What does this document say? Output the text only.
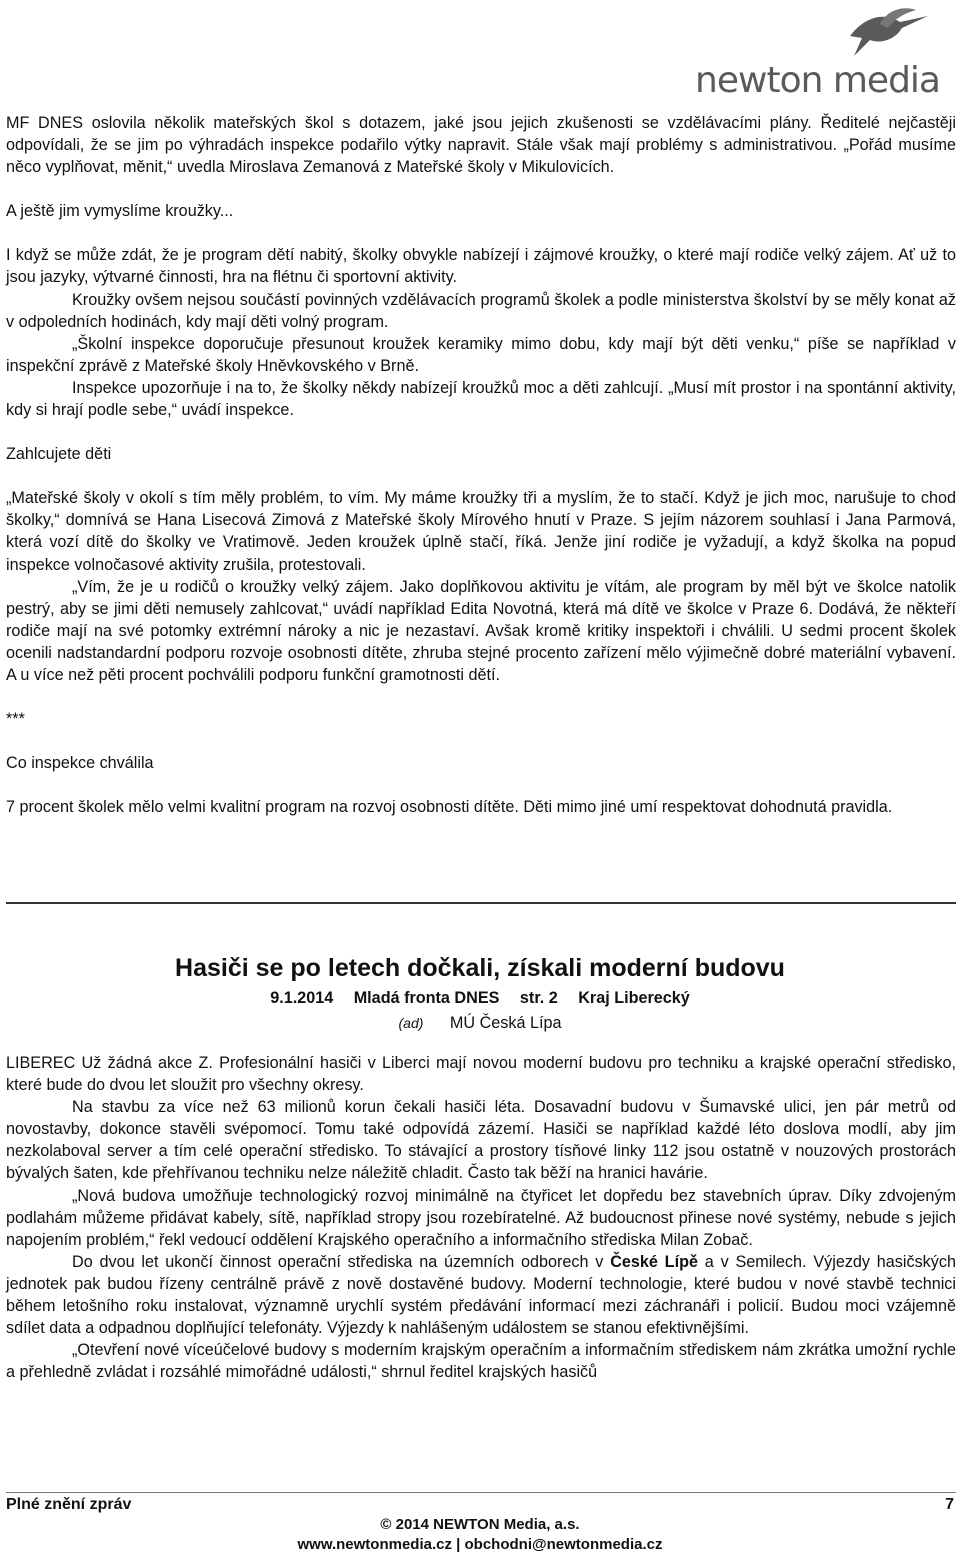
newton media

MF DNES oslovila několik mateřských škol s dotazem, jaké jsou jejich zkušenosti se vzdělávacími plány. Ředitelé nejčastěji odpovídali, že se jim po výhradách inspekce podařilo výtky napravit. Stále však mají problémy s administrativou. „Pořád musíme něco vyplňovat, měnit,“ uvedla Miroslava Zemanová z Mateřské školy v Mikulovicích.

A ještě jim vymyslíme kroužky...

I když se může zdát, že je program dětí nabitý, školky obvykle nabízejí i zájmové kroužky, o které mají rodiče velký zájem. Ať už to jsou jazyky, výtvarné činnosti, hra na flétnu či sportovní aktivity.

Kroužky ovšem nejsou součástí povinných vzdělávacích programů školek a podle ministerstva školství by se měly konat až v odpoledních hodinách, kdy mají děti volný program.

„Školní inspekce doporučuje přesunout kroužek keramiky mimo dobu, kdy mají být děti venku,“ píše se například v inspekční zprávě z Mateřské školy Hněvkovského v Brně.

Inspekce upozorňuje i na to, že školky někdy nabízejí kroužků moc a děti zahlcují. „Musí mít prostor i na spontánní aktivity, kdy si hrají podle sebe,“ uvádí inspekce.

Zahlcujete děti

„Mateřské školy v okolí s tím měly problém, to vím. My máme kroužky tři a myslím, že to stačí. Když je jich moc, narušuje to chod školky,“ domnívá se Hana Lisecová Zimová z Mateřské školy Mírového hnutí v Praze. S jejím názorem souhlasí i Jana Parmová, která vozí dítě do školky ve Vratimově. Jeden kroužek úplně stačí, říká. Jenže jiní rodiče je vyžadují, a když školka na popud inspekce volnočasové aktivity zrušila, protestovali.

„Vím, že je u rodičů o kroužky velký zájem. Jako doplňkovou aktivitu je vítám, ale program by měl být ve školce natolik pestrý, aby se jimi děti nemusely zahlcovat,“ uvádí například Edita Novotná, která má dítě ve školce v Praze 6. Dodává, že někteří rodiče mají na své potomky extrémní nároky a nic je nezastaví. Avšak kromě kritiky inspektoři i chválili. U sedmi procent školek ocenili nadstandardní podporu rozvoje osobnosti dítěte, zhruba stejné procento zařízení mělo výjimečně dobré materiální vybavení. A u více než pěti procent pochválili podporu funkční gramotnosti dětí.

***

Co inspekce chválila

7 procent školek mělo velmi kvalitní program na rozvoj osobnosti dítěte. Děti mimo jiné umí respektovat dohodnutá pravidla.

Hasiči se po letech dočkali, získali moderní budovu
9.1.2014 Mladá fronta DNES str. 2 Kraj Liberecký
(ad) MÚ Česká Lípa

LIBEREC Už žádná akce Z. Profesionální hasiči v Liberci mají novou moderní budovu pro techniku a krajské operační středisko, které bude do dvou let sloužit pro všechny okresy.

Na stavbu za více než 63 milionů korun čekali hasiči léta. Dosavadní budovu v Šumavské ulici, jen pár metrů od novostavby, dokonce stavěli svépomocí. Tomu také odpovídá zázemí. Hasiči se například každé léto doslova modlí, aby jim nezkolaboval server a tím celé operační středisko. To stávající a prostory tísňové linky 112 jsou ostatně v nouzových prostorách bývalých šaten, kde přehřívanou techniku nelze náležitě chladit. Často tak běží na hranici havárie.

„Nová budova umožňuje technologický rozvoj minimálně na čtyřicet let dopředu bez stavebních úprav. Díky zdvojeným podlahám můžeme přidávat kabely, sítě, například stropy jsou rozebíratelné. Až budoucnost přinese nové systémy, nebude s jejich napojením problém,“ řekl vedoucí oddělení Krajského operačního a informačního střediska Milan Zobač.

Do dvou let ukončí činnost operační střediska na územních odborech v České Lípě a v Semilech. Výjezdy hasičských jednotek pak budou řízeny centrálně právě z nově dostavěné budovy. Moderní technologie, které budou v nové stavbě technici během letošního roku instalovat, významně urychlí systém předávání informací mezi záchranáři i policií. Budou moci vzájemně sdílet data a odpadnou doplňující telefonáty. Výjezdy k nahlášeným událostem se stanou efektivnějšími.

„Otevření nové víceúčelové budovy s moderním krajským operačním a informačním střediskem nám zkrátka umožní rychle a přehledně zvládat i rozsáhlé mimořádné události,“ shrnul ředitel krajských hasičů

Plné znění zpráv	7
© 2014 NEWTON Media, a.s.
www.newtonmedia.cz | obchodni@newtonmedia.cz
